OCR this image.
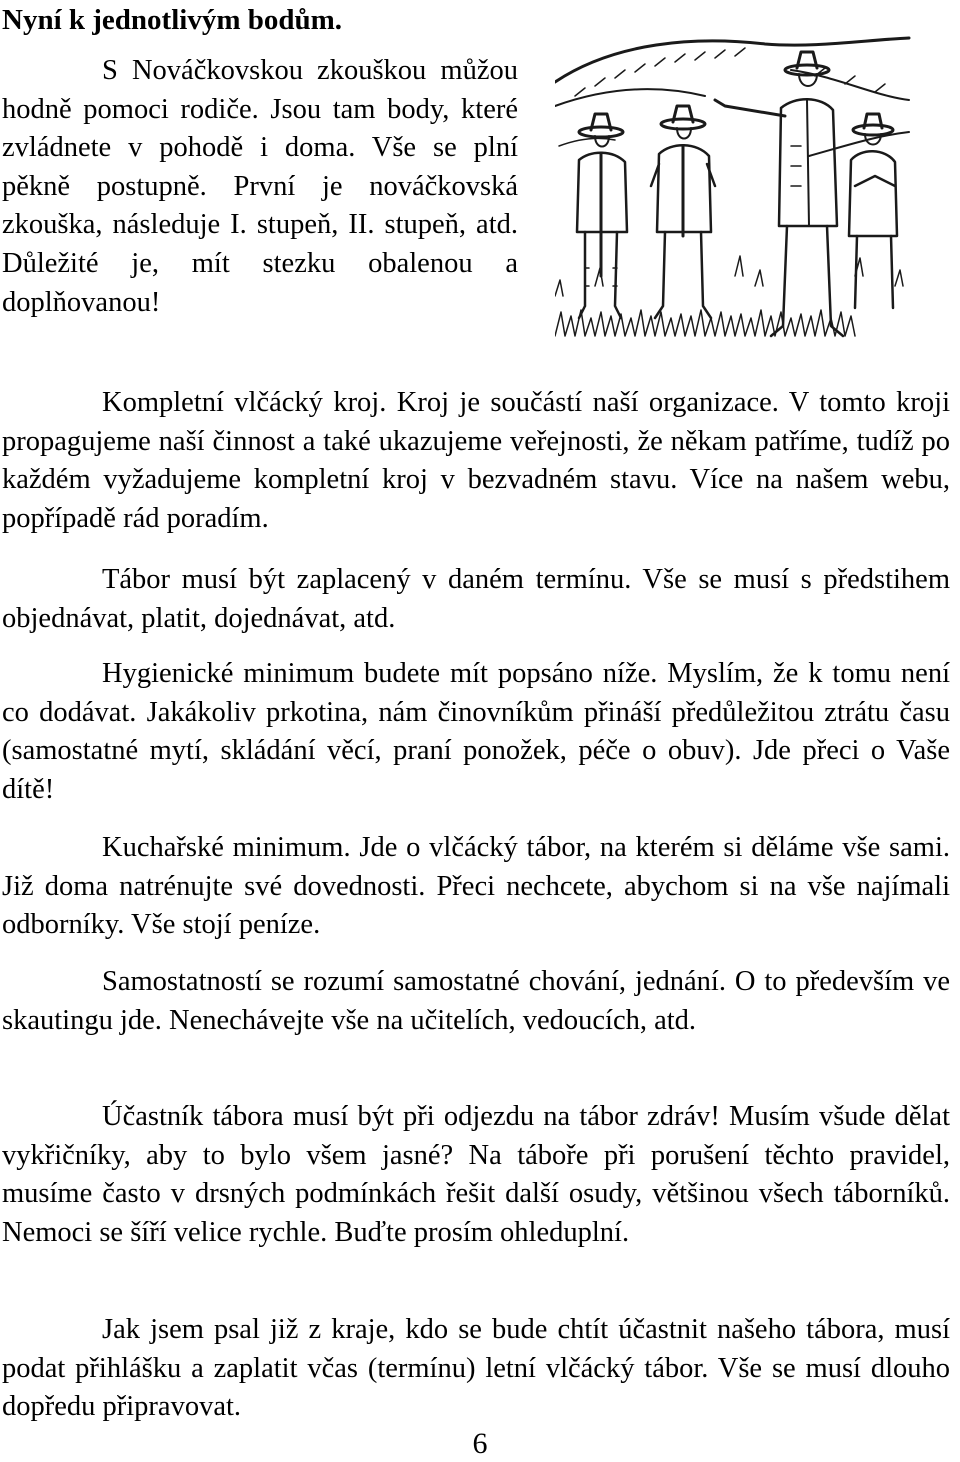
Nyní k jednotlivým bodům.

S Nováčkovskou zkouškou můžou hodně pomoci rodiče. Jsou tam body, které zvládnete v pohodě i doma. Vše se plní pěkně postupně. První je nováčkovská zkouška, následuje I. stupeň, II. stupeň, atd. Důležité je, mít stezku obalenou a doplňovanou!

Kompletní vlčácký kroj. Kroj je součástí naší organizace. V tomto kroji propagujeme naší činnost a také ukazujeme veřejnosti, že někam patříme, tudíž po každém vyžadujeme kompletní kroj v bezvadném stavu. Více na našem webu, popřípadě rád poradím.

Tábor musí být zaplacený v daném termínu. Vše se musí s předstihem objednávat, platit, dojednávat, atd.

Hygienické minimum budete mít popsáno níže. Myslím, že k tomu není co dodávat. Jakákoliv prkotina, nám činovníkům přináší předůležitou ztrátu času (samostatné mytí, skládání věcí, praní ponožek, péče o obuv). Jde přeci o Vaše dítě!

Kuchařské minimum. Jde o vlčácký tábor, na kterém si děláme vše sami. Již doma natrénujte své dovednosti. Přeci nechcete, abychom si na vše najímali odborníky. Vše stojí peníze.

Samostatností se rozumí samostatné chování, jednání. O to především ve skautingu jde. Nenechávejte vše na učitelích, vedoucích, atd.

Účastník tábora musí být při odjezdu na tábor zdráv! Musím všude dělat vykřičníky, aby to bylo všem jasné? Na táboře při porušení těchto pravidel, musíme často v drsných podmínkách řešit další osudy, většinou všech táborníků. Nemoci se šíří velice rychle. Buďte prosím ohleduplní.

Jak jsem psal již z kraje, kdo se bude chtít účastnit našeho tábora, musí podat přihlášku a zaplatit včas (termínu) letní vlčácký tábor. Vše se musí dlouho dopředu připravovat.

6
